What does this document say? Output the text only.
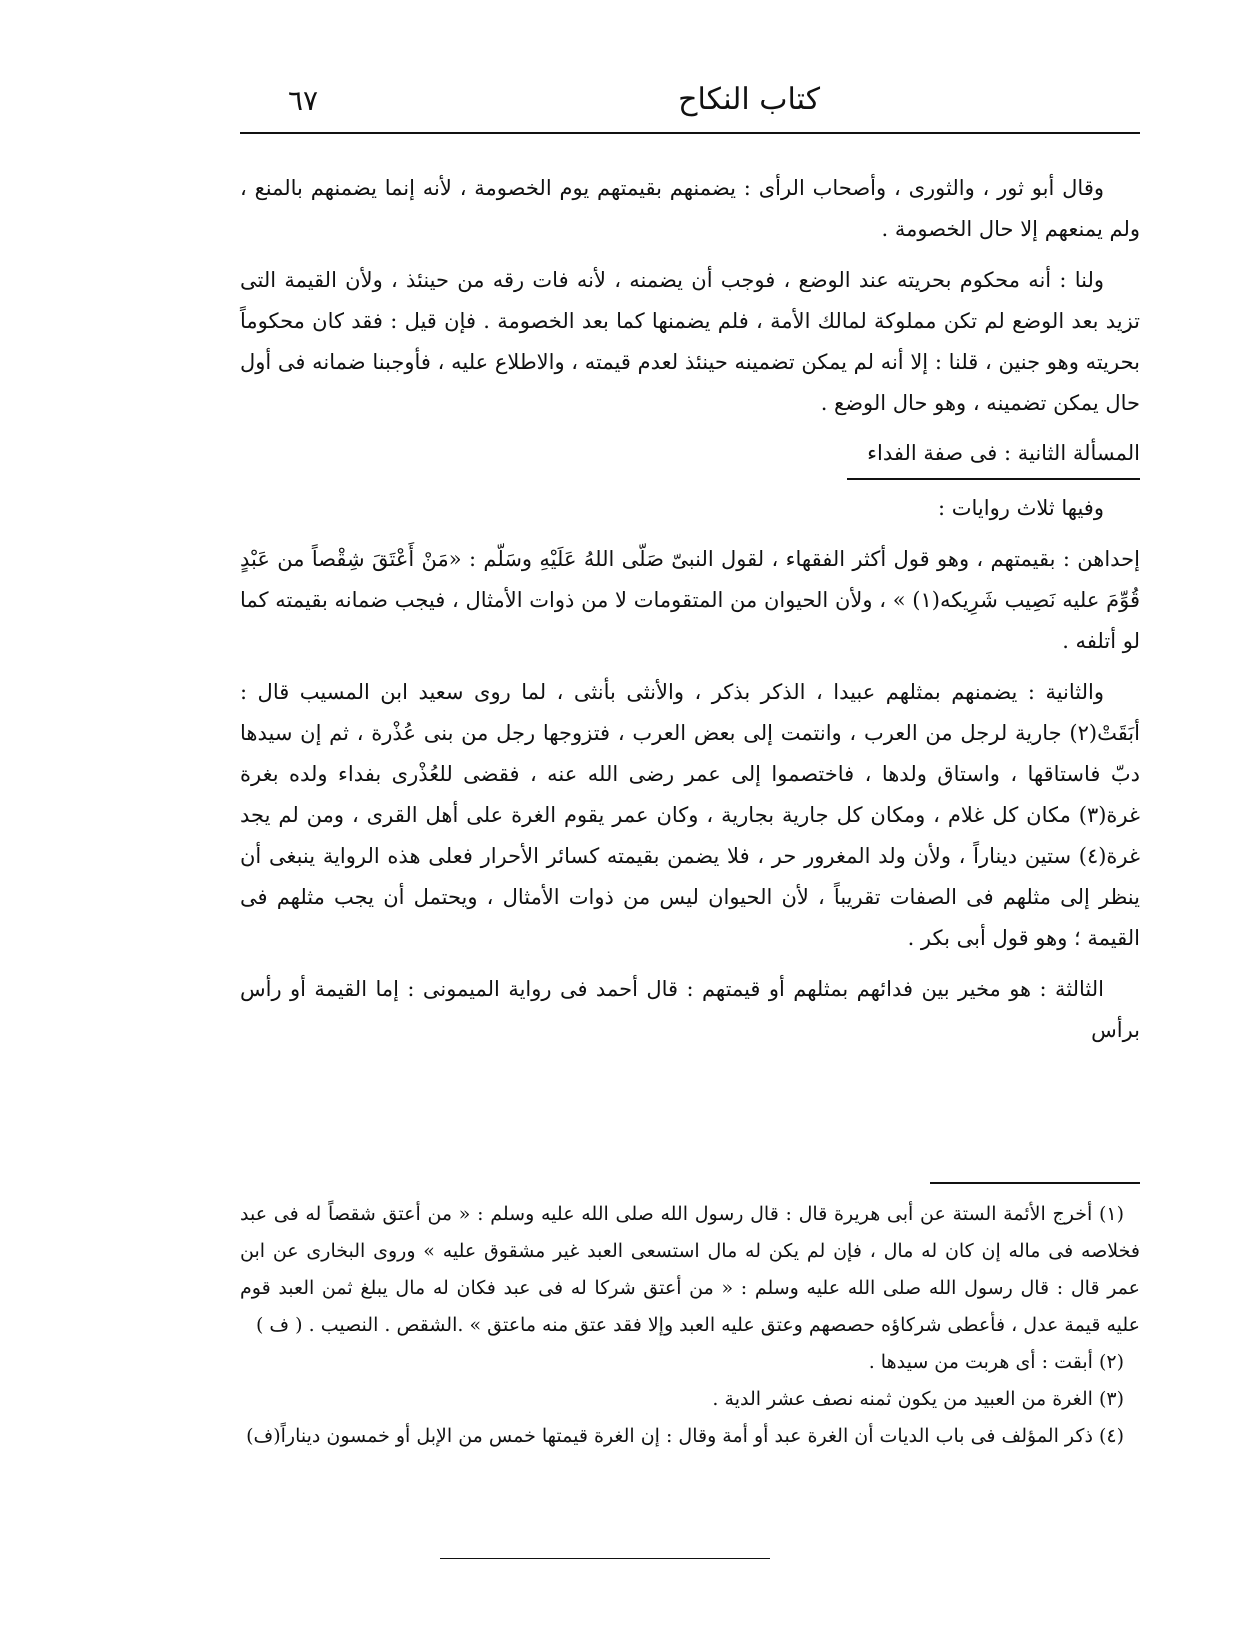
كتاب النكاح
٦٧

وقال أبو ثور ، والثورى ، وأصحاب الرأى : يضمنهم بقيمتهم يوم الخصومة ، لأنه إنما يضمنهم بالمنع ، ولم يمنعهم إلا حال الخصومة .

ولنا : أنه محكوم بحريته عند الوضع ، فوجب أن يضمنه ، لأنه فات رقه من حينئذ ، ولأن القيمة التى تزيد بعد الوضع لم تكن مملوكة لمالك الأمة ، فلم يضمنها كما بعد الخصومة . فإن قيل : فقد كان محكوماً بحريته وهو جنين ، قلنا : إلا أنه لم يمكن تضمينه حينئذ لعدم قيمته ، والاطلاع عليه ، فأوجبنا ضمانه فى أول حال يمكن تضمينه ، وهو حال الوضع .

المسألة الثانية : فى صفة الفداء

وفيها ثلاث روايات :

إحداهن : بقيمتهم ، وهو قول أكثر الفقهاء ، لقول النبىّ صَلّى اللهُ عَلَيْهِ وسَلّم : «مَنْ أَعْتَقَ شِقْصاً من عَبْدٍ قُوِّمَ عليه نَصِيب شَرِيكه(١) » ، ولأن الحيوان من المتقومات لا من ذوات الأمثال ، فيجب ضمانه بقيمته كما لو أتلفه .

والثانية : يضمنهم بمثلهم عبيدا ، الذكر بذكر ، والأنثى بأنثى ، لما روى سعيد ابن المسيب قال : أبَقَتْ(٢) جارية لرجل من العرب ، وانتمت إلى بعض العرب ، فتزوجها رجل من بنى عُذْرة ، ثم إن سيدها دبّ فاستاقها ، واستاق ولدها ، فاختصموا إلى عمر رضى الله عنه ، فقضى للعُذْرى بفداء ولده بغرة غرة(٣) مكان كل غلام ، ومكان كل جارية بجارية ، وكان عمر يقوم الغرة على أهل القرى ، ومن لم يجد غرة(٤) ستين ديناراً ، ولأن ولد المغرور حر ، فلا يضمن بقيمته كسائر الأحرار فعلى هذه الرواية ينبغى أن ينظر إلى مثلهم فى الصفات تقريباً ، لأن الحيوان ليس من ذوات الأمثال ، ويحتمل أن يجب مثلهم فى القيمة ؛ وهو قول أبى بكر .

الثالثة : هو مخير بين فدائهم بمثلهم أو قيمتهم : قال أحمد فى رواية الميمونى : إما القيمة أو رأس برأس

(١) أخرج الأئمة الستة عن أبى هريرة قال : قال رسول الله صلى الله عليه وسلم : « من أعتق شقصاً له فى عبد فخلاصه فى ماله إن كان له مال ، فإن لم يكن له مال استسعى العبد غير مشقوق عليه » وروى البخارى عن ابن عمر قال : قال رسول الله صلى الله عليه وسلم : « من أعتق شركا له فى عبد فكان له مال يبلغ ثمن العبد قوم عليه قيمة عدل ، فأعطى شركاؤه حصصهم وعتق عليه العبد وإلا فقد عتق منه ماعتق » .الشقص . النصيب . ( ف )

(٢) أبقت : أى هربت من سيدها .

(٣) الغرة من العبيد من يكون ثمنه نصف عشر الدية .

(٤) ذكر المؤلف فى باب الديات أن الغرة عبد أو أمة وقال : إن الغرة قيمتها خمس من الإبل أو خمسون ديناراً(ف)
